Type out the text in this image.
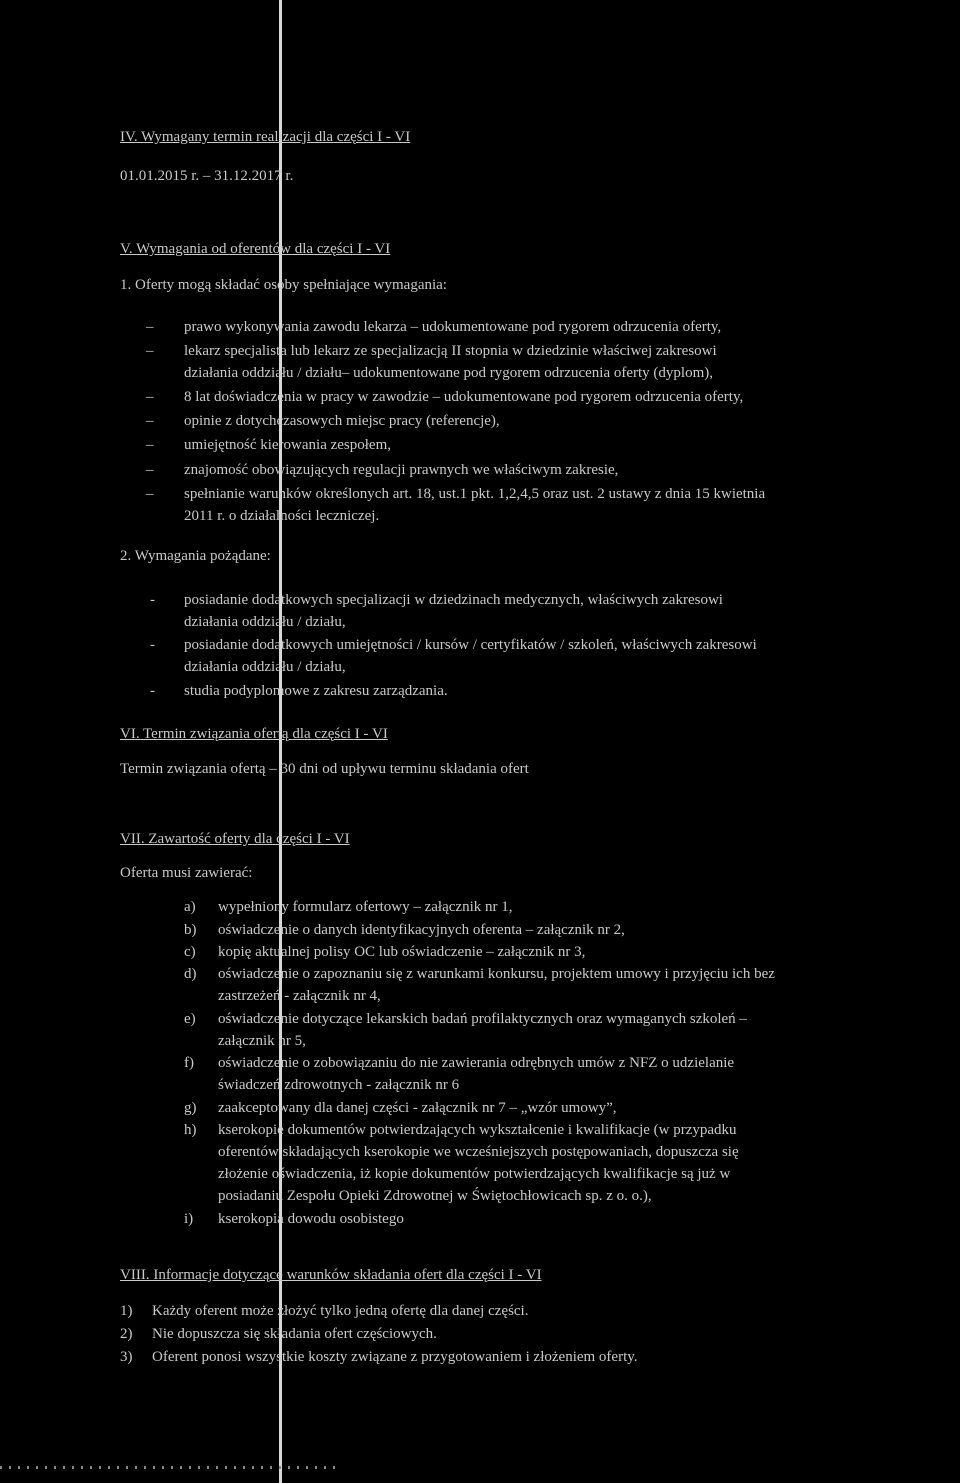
IV. Wymagany termin realizacji dla części I - VI
01.01.2015 r. – 31.12.2017 r.
V. Wymagania od oferentów dla części I - VI
1. Oferty mogą składać osoby spełniające wymagania:
– prawo wykonywania zawodu lekarza – udokumentowane pod rygorem odrzucenia oferty,
– lekarz specjalista lub lekarz ze specjalizacją II stopnia w dziedzinie właściwej zakresowi
działania oddziału / działu– udokumentowane pod rygorem odrzucenia oferty (dyplom),
– 8 lat doświadczenia w pracy w zawodzie – udokumentowane pod rygorem odrzucenia oferty,
– opinie z dotychczasowych miejsc pracy (referencje),
– umiejętność kierowania zespołem,
– znajomość obowiązujących regulacji prawnych we właściwym zakresie,
– spełnianie warunków określonych art. 18, ust.1 pkt. 1,2,4,5 oraz ust. 2 ustawy z dnia 15 kwietnia
2011 r. o działalności leczniczej.
2. Wymagania pożądane:
- posiadanie dodatkowych specjalizacji w dziedzinach medycznych, właściwych zakresowi
działania oddziału / działu,
- posiadanie dodatkowych umiejętności / kursów / certyfikatów / szkoleń, właściwych zakresowi
działania oddziału / działu,
- studia podyplomowe z zakresu zarządzania.
VI. Termin związania ofertą dla części I - VI
Termin związania ofertą – 30 dni od upływu terminu składania ofert
VII. Zawartość oferty dla części I - VI
Oferta musi zawierać:
a) wypełniony formularz ofertowy – załącznik nr 1,
b) oświadczenie o danych identyfikacyjnych oferenta – załącznik nr 2,
c) kopię aktualnej polisy OC lub oświadczenie – załącznik nr 3,
d) oświadczenie o zapoznaniu się z warunkami konkursu, projektem umowy i przyjęciu ich bez
zastrzeżeń - załącznik nr 4,
e) oświadczenie dotyczące lekarskich badań profilaktycznych oraz wymaganych szkoleń –
załącznik nr 5,
f) oświadczenie o zobowiązaniu do nie zawierania odrębnych umów z NFZ o udzielanie
świadczeń zdrowotnych - załącznik nr 6
g) zaakceptowany dla danej części - załącznik nr 7 – „wzór umowy”,
h) kserokopie dokumentów potwierdzających wykształcenie i kwalifikacje (w przypadku
oferentów składających kserokopie we wcześniejszych postępowaniach, dopuszcza się
złożenie oświadczenia, iż kopie dokumentów potwierdzających kwalifikacje są już w
posiadaniu Zespołu Opieki Zdrowotnej w Świętochłowicach sp. z o. o.),
i) kserokopia dowodu osobistego
VIII. Informacje dotyczące warunków składania ofert dla części I - VI
1) Każdy oferent może złożyć tylko jedną ofertę dla danej części.
2) Nie dopuszcza się składania ofert częściowych.
3) Oferent ponosi wszystkie koszty związane z przygotowaniem i złożeniem oferty.
